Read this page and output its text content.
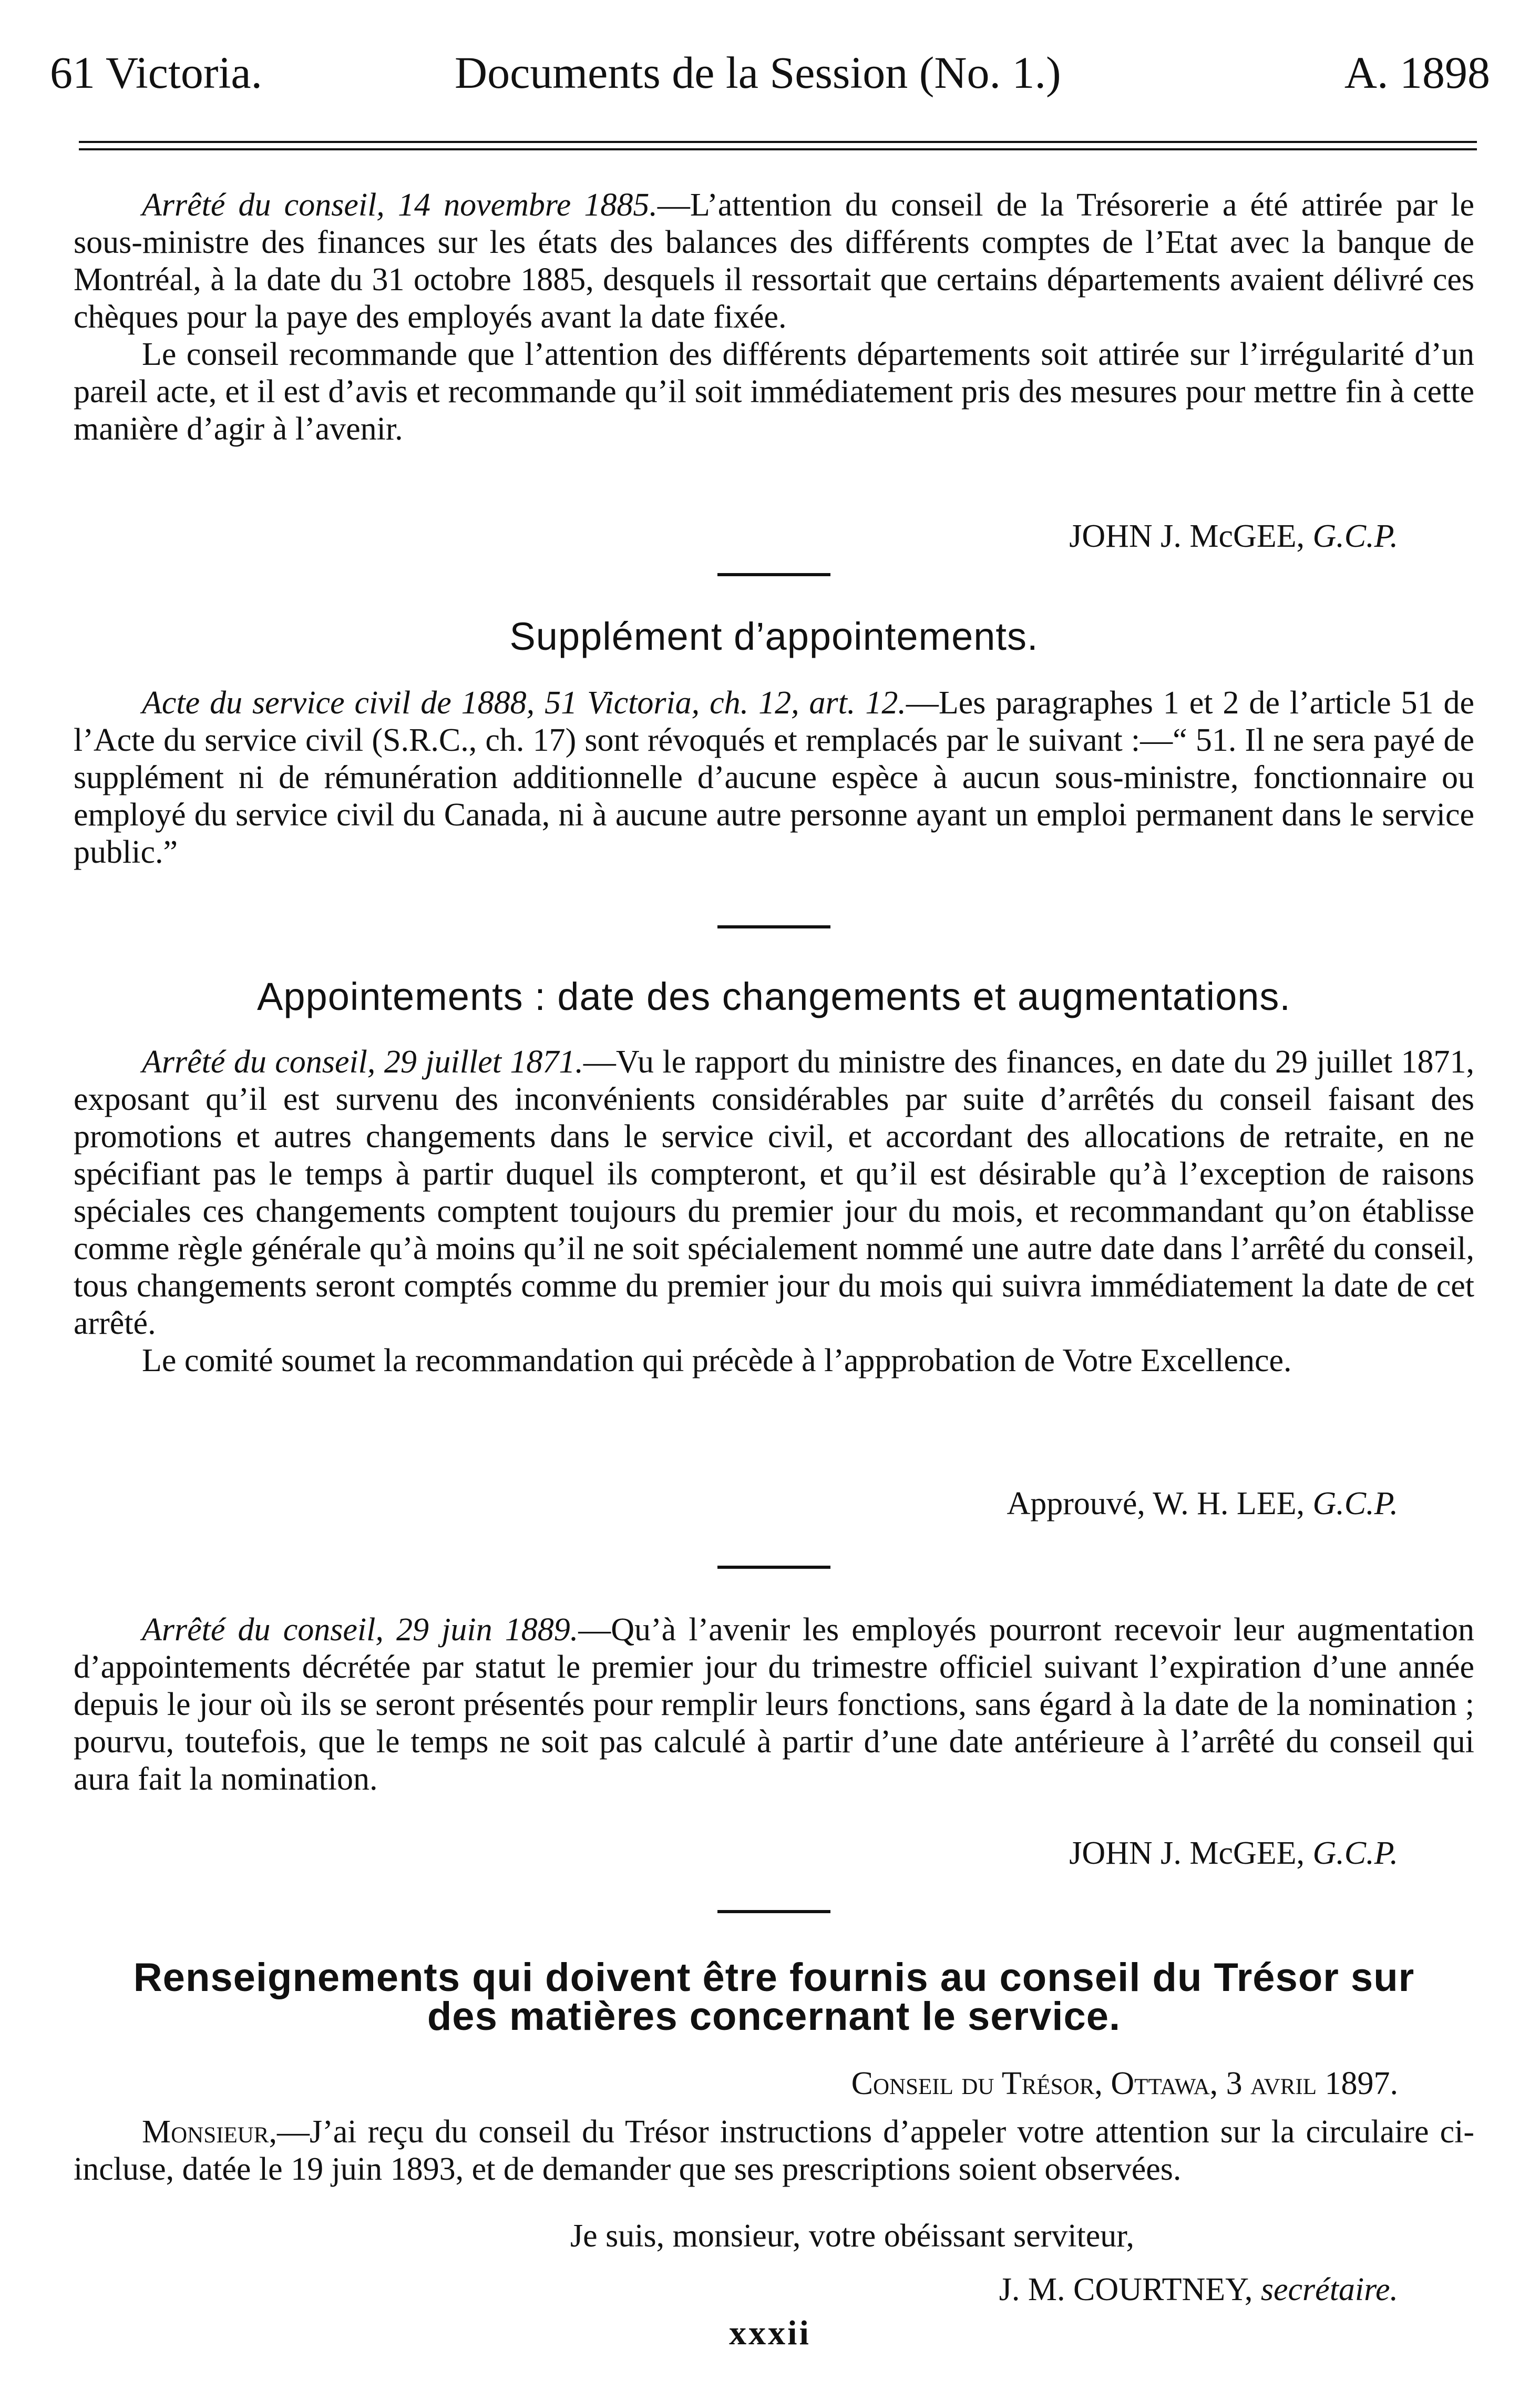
61 Victoria.	Documents de la Session (No. 1.)	A. 1898

Arrêté du conseil, 14 novembre 1885.—L’attention du conseil de la Trésorerie a été attirée par le sous-ministre des finances sur les états des balances des différents comptes de l’Etat avec la banque de Montréal, à la date du 31 octobre 1885, desquels il ressortait que certains départements avaient délivré ces chèques pour la paye des employés avant la date fixée.

Le conseil recommande que l’attention des différents départements soit attirée sur l’irrégularité d’un pareil acte, et il est d’avis et recommande qu’il soit immédiatement pris des mesures pour mettre fin à cette manière d’agir à l’avenir.

JOHN J. McGEE, G.C.P.
Supplément d’appointements.

Acte du service civil de 1888, 51 Victoria, ch. 12, art. 12.—Les paragraphes 1 et 2 de l’article 51 de l’Acte du service civil (S.R.C., ch. 17) sont révoqués et remplacés par le suivant :—“ 51. Il ne sera payé de supplément ni de rémunération additionnelle d’aucune espèce à aucun sous-ministre, fonctionnaire ou employé du service civil du Canada, ni à aucune autre personne ayant un emploi permanent dans le service public.”

Appointements : date des changements et augmentations.

Arrêté du conseil, 29 juillet 1871.—Vu le rapport du ministre des finances, en date du 29 juillet 1871, exposant qu’il est survenu des inconvénients considérables par suite d’arrêtés du conseil faisant des promotions et autres changements dans le service civil, et accordant des allocations de retraite, en ne spécifiant pas le temps à partir duquel ils compteront, et qu’il est désirable qu’à l’exception de raisons spéciales ces changements comptent toujours du premier jour du mois, et recommandant qu’on établisse comme règle générale qu’à moins qu’il ne soit spécialement nommé une autre date dans l’arrêté du conseil, tous changements seront comptés comme du premier jour du mois qui suivra immédiatement la date de cet arrêté.

Le comité soumet la recommandation qui précède à l’appprobation de Votre Excellence.

Approuvé, W. H. LEE, G.C.P.

Arrêté du conseil, 29 juin 1889.—Qu’à l’avenir les employés pourront recevoir leur augmentation d’appointements décrétée par statut le premier jour du trimestre officiel suivant l’expiration d’une année depuis le jour où ils se seront présentés pour remplir leurs fonctions, sans égard à la date de la nomination ; pourvu, toutefois, que le temps ne soit pas calculé à partir d’une date antérieure à l’arrêté du conseil qui aura fait la nomination.

JOHN J. McGEE, G.C.P.
Renseignements qui doivent être fournis au conseil du Trésor sur
des matières concernant le service.
Conseil du Trésor, Ottawa, 3 avril 1897.

Monsieur,—J’ai reçu du conseil du Trésor instructions d’appeler votre attention sur la circulaire ci-incluse, datée le 19 juin 1893, et de demander que ses prescriptions soient observées.

Je suis, monsieur, votre obéissant serviteur,
J. M. COURTNEY, secrétaire.
xxxii
